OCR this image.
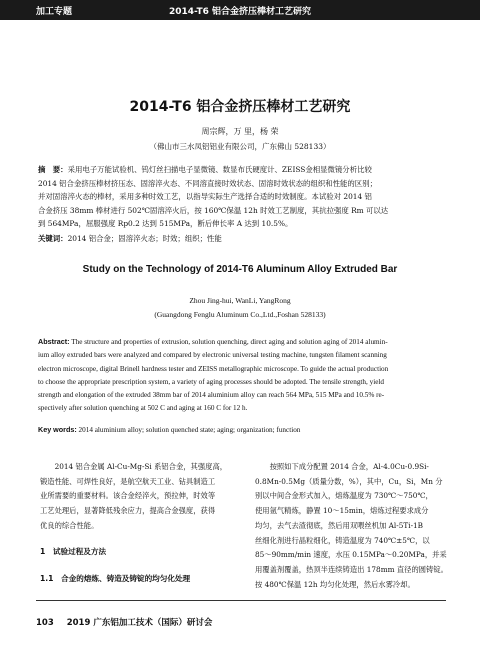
加工专题	2014-T6 铝合金挤压棒材工艺研究
2014-T6 铝合金挤压棒材工艺研究
周宗辉，万 里，杨 荣
（佛山市三水凤铝铝业有限公司，广东佛山 528133）
摘　要：采用电子万能试验机、钨灯丝扫描电子显微镜、数显布氏硬度计、ZEISS金相显微镜分析比较
2014 铝合金挤压棒材挤压态、固溶淬火态、不同溶直接时效状态、固溶时效状态的组织和性能的区别；
并对固溶淬火态的棒材，采用多种时效工艺，以指导实际生产选择合适的时效制度。本试验对 2014 铝
合金挤压 38mm 棒材进行 502℃固溶淬火后，按 160℃保温 12h 时效工艺制度，其抗拉强度 Rm 可以达
到 564MPa，屈服强度 Rp0.2 达到 515MPa，断后伸长率 A 达到 10.5%。
关键词：2014 铝合金；固溶淬火态；时效；组织；性能
Study on the Technology of 2014-T6 Aluminum Alloy Extruded Bar
Zhou Jing-hui, WanLi, YangRong
(Guangdong Fenglu Aluminum Co.,Ltd.,Foshan 528133)
Abstract: The structure and properties of extrusion, solution quenching, direct aging and solution aging of 2014 alumin-
ium alloy extruded bars were analyzed and compared by electronic universal testing machine, tungsten filament scanning
electron microscope, digital Brinell hardness tester and ZEISS metallographic microscope. To guide the actual production
to choose the appropriate prescription system, a variety of aging processes should be adopted. The tensile strength, yield
strength and elongation of the extruded 38mm bar of 2014 aluminium alloy can reach 564 MPa, 515 MPa and 10.5% re-
spectively after solution quenching at 502 C and aging at 160 C for 12 h.
Key words: 2014 aluminium alloy; solution quenched state; aging; organization; function

2014 铝合金属 Al-Cu-Mg-Si 系铝合金，其强度高，

锻造性能、可焊性良好，是航空航天工业、钻具制造工

业所需要的重要材料。该合金经淬火，预拉伸，时效等

工艺处理后，显著降低残余应力，提高合金强度，获得

优良的综合性能。

1　试验过程及方法
1.1　合金的熔炼、铸造及铸锭的均匀化处理

按照如下成分配置 2014 合金，Al-4.0Cu-0.9Si-

0.8Mn-0.5Mg（质量分数，%），其中，Cu，Si，Mn 分

别以中间合金形式加入，熔炼温度为 730℃～750℃，

使用氩气精炼，静置 10～15min，熔炼过程要求成分

均匀，去气去渣彻底，然后用双喂丝机加 Al-5Ti-1B

丝细化剂进行晶粒细化，铸造温度为 740℃±5℃，以

85～90mm/min 速度，水压 0.15MPa～0.20MPa，并采

用覆盖剂覆盖，热顶半连续铸造出 178mm 直径的圆铸锭。

按 480℃保温 12h 均匀化处理，然后水雾冷却。

103 2019 广东铝加工技术（国际）研讨会
